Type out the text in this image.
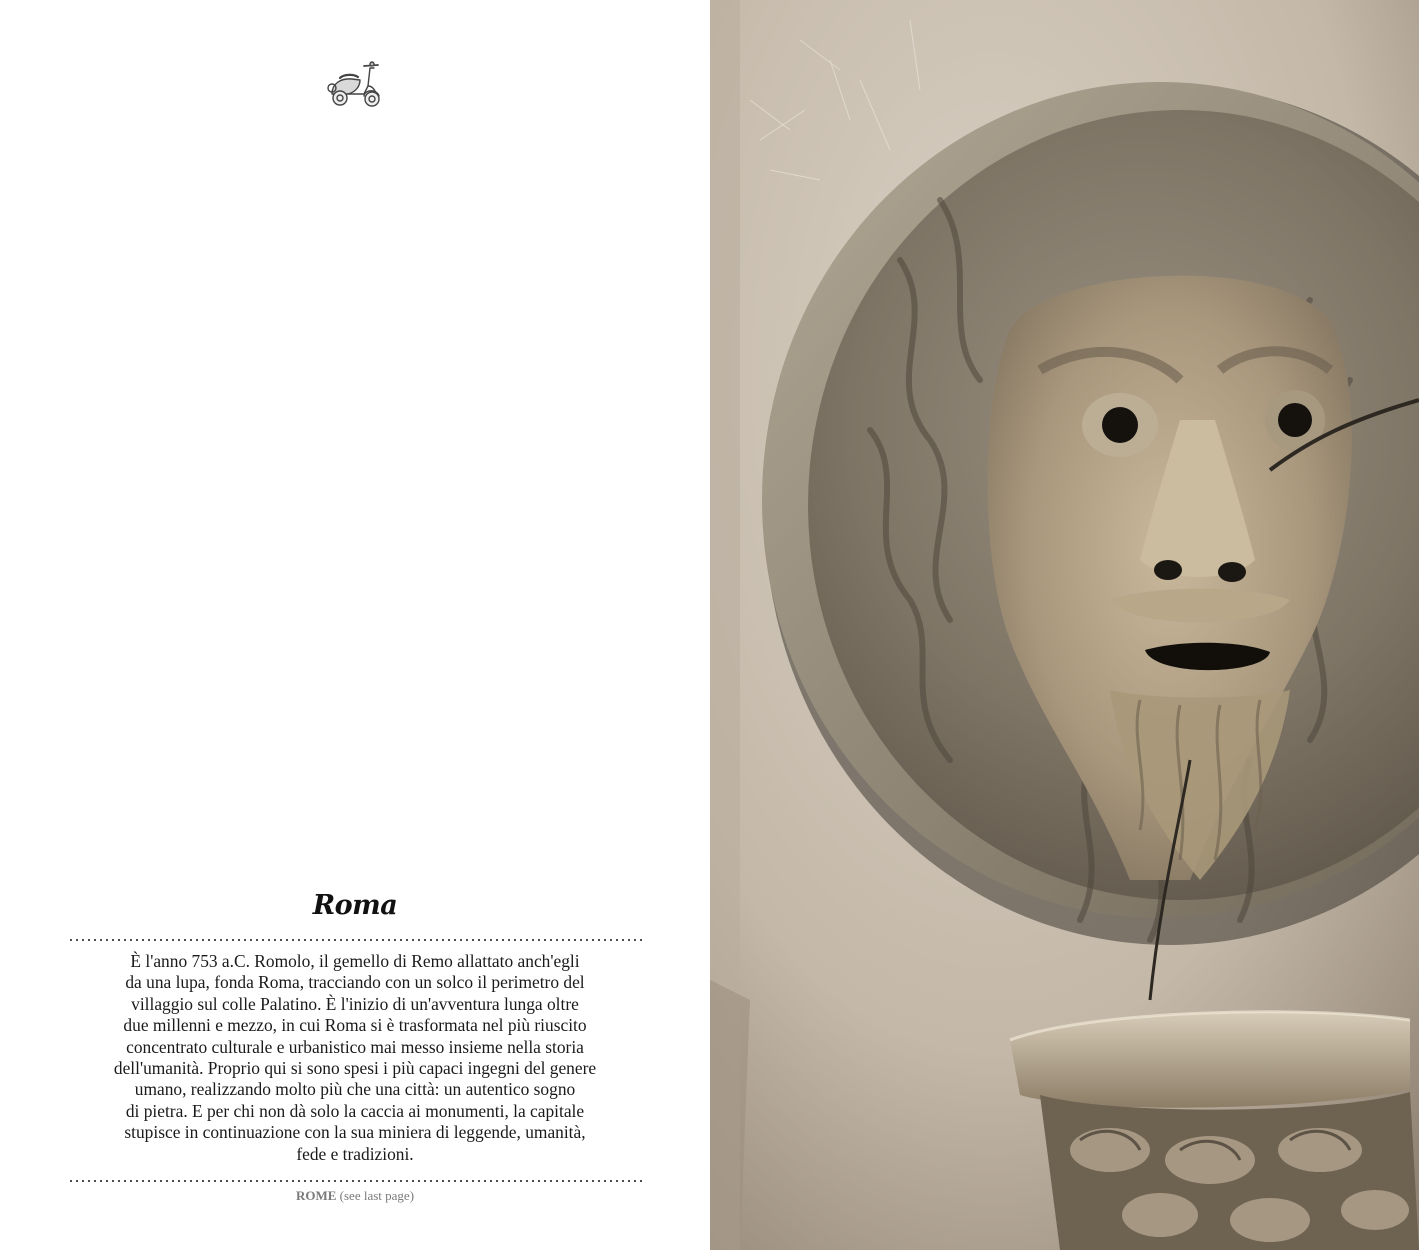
Roma

È l'anno 753 a.C. Romolo, il gemello di Remo allattato anch'egli

da una lupa, fonda Roma, tracciando con un solco il perimetro del

villaggio sul colle Palatino. È l'inizio di un'avventura lunga oltre

due millenni e mezzo, in cui Roma si è trasformata nel più riuscito

concentrato culturale e urbanistico mai messo insieme nella storia

dell'umanità. Proprio qui si sono spesi i più capaci ingegni del genere

umano, realizzando molto più che una città: un autentico sogno

di pietra. E per chi non dà solo la caccia ai monumenti, la capitale

stupisce in continuazione con la sua miniera di leggende, umanità,

fede e tradizioni.

ROME (see last page)
